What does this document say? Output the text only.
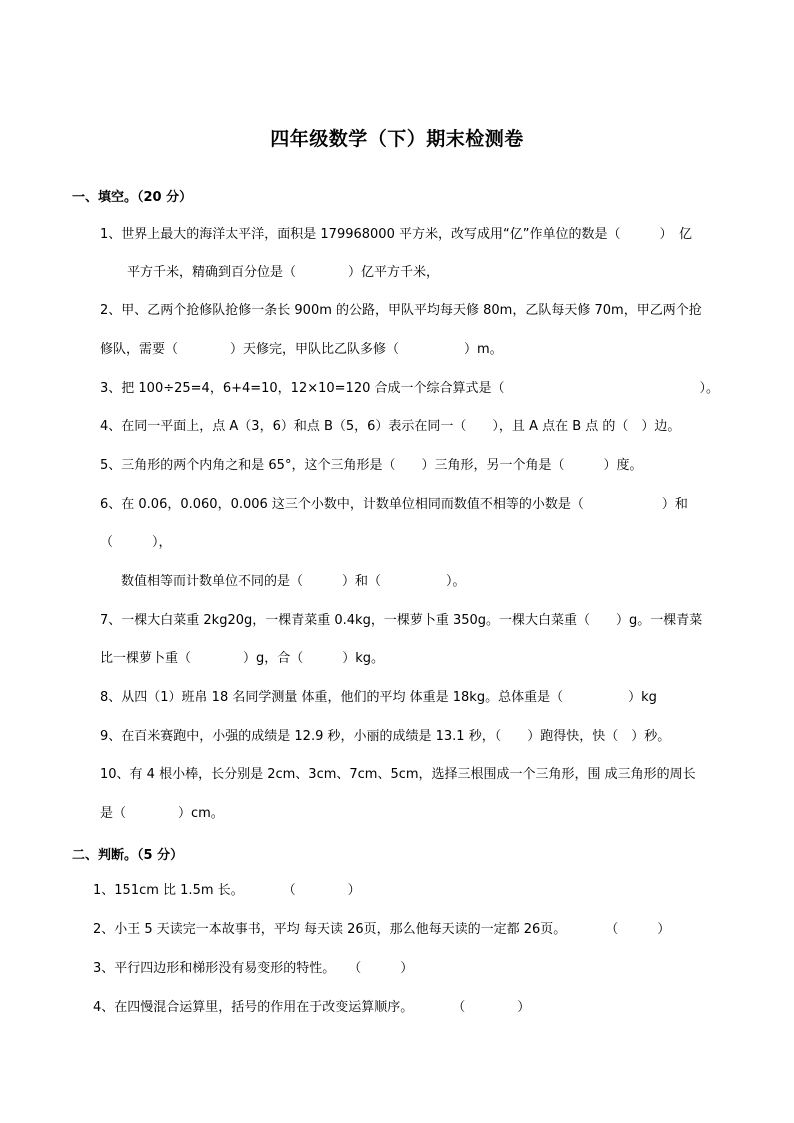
四年级数学（下）期末检测卷
一、填空。（20 分）
1、世界上最大的海洋太平洋，面积是 179968000 平方米，改写成用“亿”作单位的数是（　　　）　亿
平方千米，精确到百分位是（　　　　）亿平方千米，
2、甲、乙两个抢修队抢修一条长 900m 的公路，甲队平均每天修 80m，乙队每天修 70m，甲乙两个抢
修队，需要（　　　　）天修完，甲队比乙队多修（　　　　　）m。
3、把 100÷25=4，6+4=10，12×10=120 合成一个综合算式是（　　　　　　　　　　　　　　　）。
4、在同一平面上，点 A（3，6）和点 B（5，6）表示在同一（　　），且 A 点在 B 点 的（　）边。
5、三角形的两个内角之和是 65°，这个三角形是（　　）三角形，另一个角是（　　　）度。
6、在 0.06，0.060，0.006 这三个小数中，计数单位相同而数值不相等的小数是（　　　　　　）和
（　　　），
数值相等而计数单位不同的是（　　　）和（　　　　　）。
7、一棵大白菜重 2kg20g，一棵青菜重 0.4kg，一棵萝卜重 350g。一棵大白菜重（　　）g。一棵青菜
比一棵萝卜重（　　　　）g，合（　　　）kg。
8、从四（1）班帛 18 名同学测量 体重，他们的平均 体重是 18kg。总体重是（　　　　　）kg
9、在百米赛跑中，小强的成绩是 12.9 秒，小丽的成绩是 13.1 秒，（　　）跑得快，快（　）秒。
10、有 4 根小棒，长分别是 2cm、3cm、7cm、5cm，选择三根围成一个三角形，围 成三角形的周长
是（　　　　）cm。
二、判断。（5 分）
1、151cm 比 1.5m 长。　　　　（　　　　）
2、小王 5 天读完一本故事书，平均 每天读 26页，那么他每天读的一定都 26页。　　　　（　　　）
3、平行四边形和梯形没有易变形的特性。　　（　　　）
4、在四慢混合运算里，括号的作用在于改变运算顺序。　　　　（　　　　）
